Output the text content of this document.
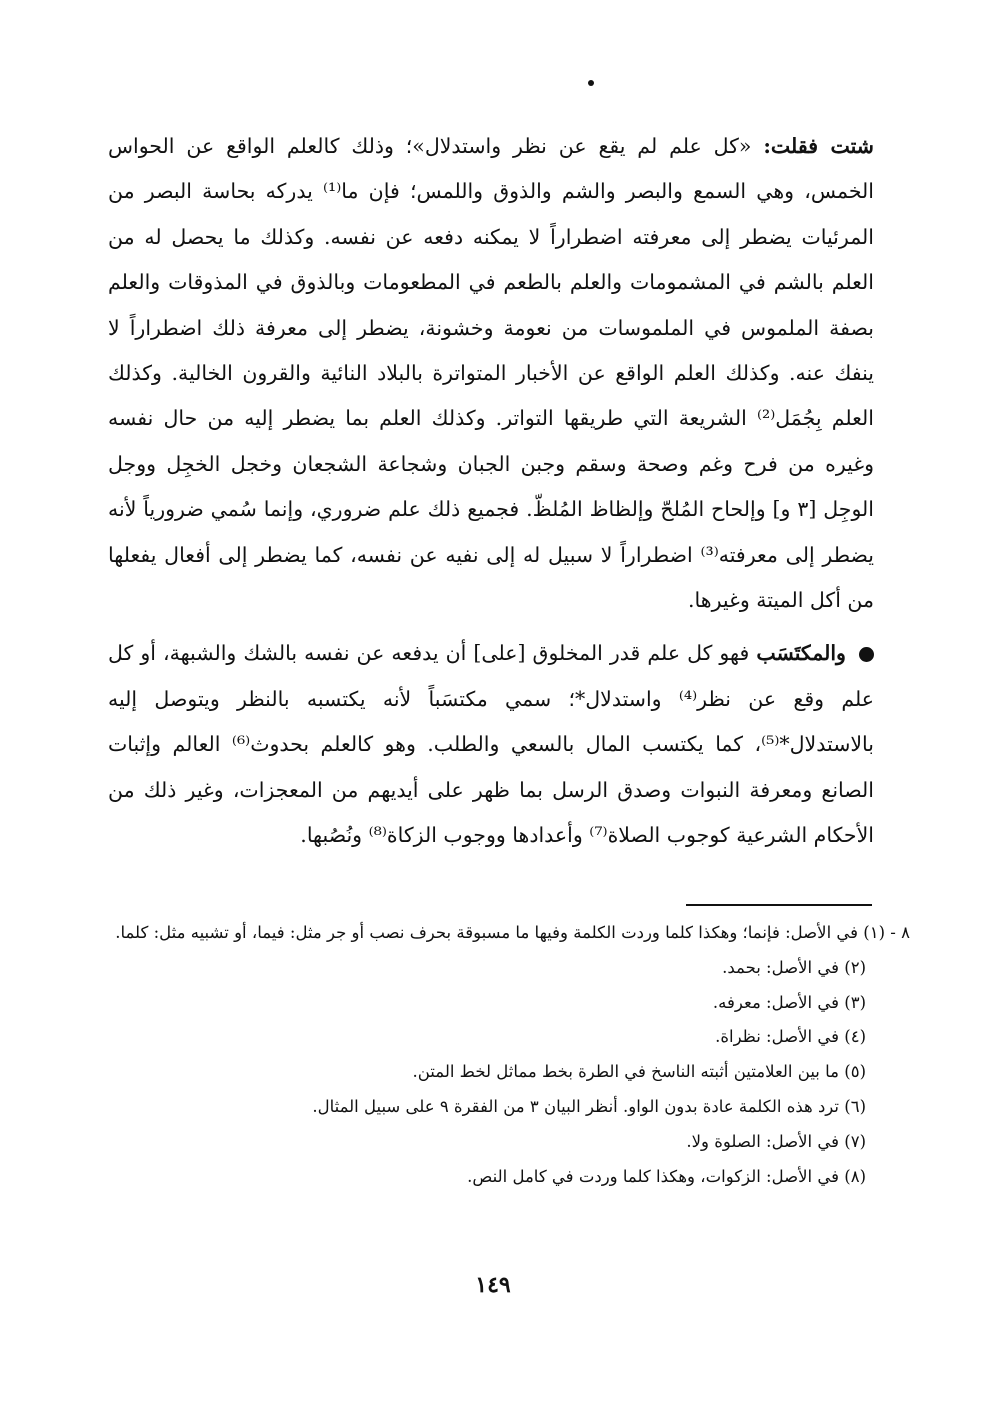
شتت فقلت: «كل علم لم يقع عن نظر واستدلال»؛ وذلك كالعلم الواقع عن الحواس الخمس، وهي السمع والبصر والشم والذوق واللمس؛ فإن ما⁽¹⁾ يدركه بحاسة البصر من المرئيات يضطر إلى معرفته اضطراراً لا يمكنه دفعه عن نفسه. وكذلك ما يحصل له من العلم بالشم في المشمومات والعلم بالطعم في المطعومات وبالذوق في المذوقات والعلم بصفة الملموس في الملموسات من نعومة وخشونة، يضطر إلى معرفة ذلك اضطراراً لا ينفك عنه. وكذلك العلم الواقع عن الأخبار المتواترة بالبلاد النائية والقرون الخالية. وكذلك العلم بِجُمَل⁽²⁾ الشريعة التي طريقها التواتر. وكذلك العلم بما يضطر إليه من حال نفسه وغيره من فرح وغم وصحة وسقم وجبن الجبان وشجاعة الشجعان وخجل الخجِل ووجل الوجِل [٣ و] وإلحاح المُلحّ وإلظاظ المُلظّ. فجميع ذلك علم ضروري، وإنما سُمي ضرورياً لأنه يضطر إلى معرفته⁽³⁾ اضطراراً لا سبيل له إلى نفيه عن نفسه، كما يضطر إلى أفعال يفعلها من أكل الميتة وغيرها.

والمكتَسَب فهو كل علم قدر المخلوق [على] أن يدفعه عن نفسه بالشك والشبهة، أو كل علم وقع عن نظر⁽⁴⁾ واستدلال*؛ سمي مكتسَباً لأنه يكتسبه بالنظر ويتوصل إليه بالاستدلال*⁽⁵⁾، كما يكتسب المال بالسعي والطلب. وهو كالعلم بحدوث⁽⁶⁾ العالم وإثبات الصانع ومعرفة النبوات وصدق الرسل بما ظهر على أيديهم من المعجزات، وغير ذلك من الأحكام الشرعية كوجوب الصلاة⁽⁷⁾ وأعدادها ووجوب الزكاة⁽⁸⁾ ونُصُبها.

٨ - (١) في الأصل: فإنما؛ وهكذا كلما وردت الكلمة وفيها ما مسبوقة بحرف نصب أو جر مثل: فيما، أو تشبيه مثل: كلما.

(٢) في الأصل: بحمد.

(٣) في الأصل: معرفه.

(٤) في الأصل: نظراة.

(٥) ما بين العلامتين أثبته الناسخ في الطرة بخط مماثل لخط المتن.

(٦) ترد هذه الكلمة عادة بدون الواو. أنظر البيان ٣ من الفقرة ٩ على سبيل المثال.

(٧) في الأصل: الصلوة ولا.

(٨) في الأصل: الزكوات، وهكذا كلما وردت في كامل النص.

١٤٩
